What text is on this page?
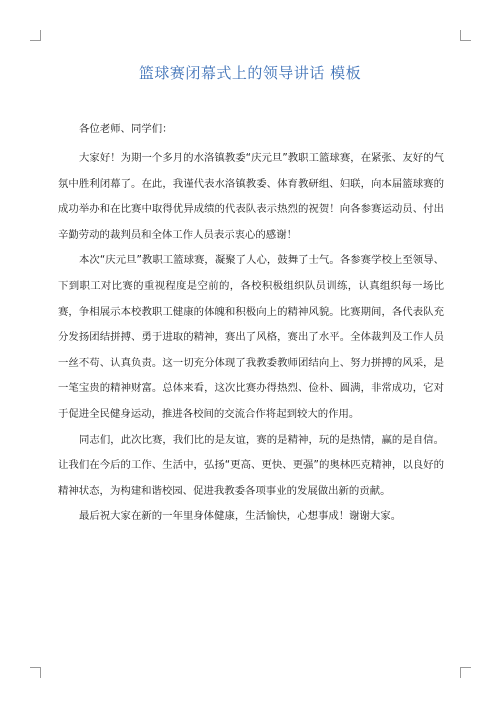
篮球赛闭幕式上的领导讲话 模板

各位老师、同学们：

大家好！为期一个多月的水洛镇教委“庆元旦”教职工篮球赛，在紧张、友好的气氛中胜利闭幕了。在此，我谨代表水洛镇教委、体育教研组、妇联，向本届篮球赛的成功举办和在比赛中取得优异成绩的代表队表示热烈的祝贺！向各参赛运动员、付出辛勤劳动的裁判员和全体工作人员表示衷心的感谢！

本次“庆元旦”教职工篮球赛，凝聚了人心，鼓舞了士气。各参赛学校上至领导、下到职工对比赛的重视程度是空前的，各校积极组织队员训练，认真组织每一场比赛，争相展示本校教职工健康的体魄和积极向上的精神风貌。比赛期间，各代表队充分发扬团结拼搏、勇于进取的精神，赛出了风格，赛出了水平。全体裁判及工作人员一丝不苟、认真负责。这一切充分体现了我教委教师团结向上、努力拼搏的风采，是一笔宝贵的精神财富。总体来看，这次比赛办得热烈、俭朴、圆满，非常成功，它对于促进全民健身运动，推进各校间的交流合作将起到较大的作用。

同志们，此次比赛，我们比的是友谊，赛的是精神，玩的是热情，赢的是自信。让我们在今后的工作、生活中，弘扬“更高、更快、更强”的奥林匹克精神，以良好的精神状态，为构建和谐校园、促进我教委各项事业的发展做出新的贡献。

最后祝大家在新的一年里身体健康，生活愉快，心想事成！谢谢大家。
